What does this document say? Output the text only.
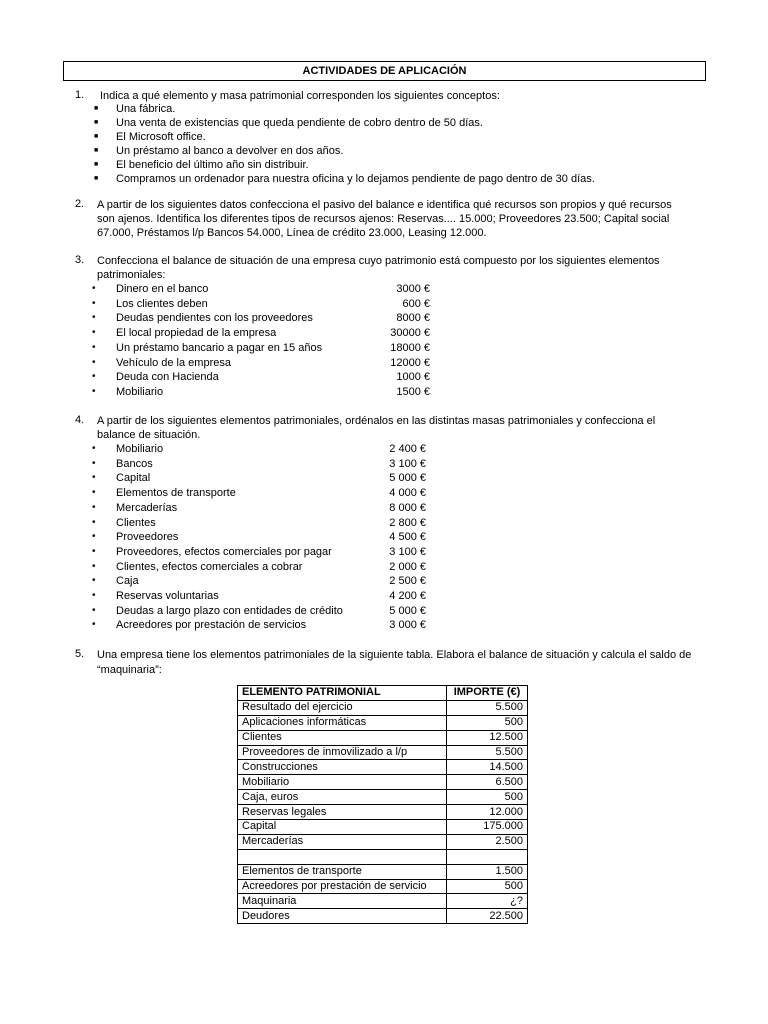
ACTIVIDADES DE APLICACIÓN
1. Indica a qué elemento y masa patrimonial corresponden los siguientes conceptos:
■ Una fábrica.
■ Una venta de existencias que queda pendiente de cobro dentro de 50 días.
■ El Microsoft office.
■ Un préstamo al banco a devolver en dos años.
■ El beneficio del último año sin distribuir.
■ Compramos un ordenador para nuestra oficina y lo dejamos pendiente de pago dentro de 30 días.
2. A partir de los siguientes datos confecciona el pasivo del balance e identifica qué recursos son propios y qué recursos
son ajenos. Identifica los diferentes tipos de recursos ajenos: Reservas.... 15.000; Proveedores 23.500; Capital social
67.000, Préstamos l/p Bancos 54.000, Línea de crédito 23.000, Leasing 12.000.
3. Confecciona el balance de situación de una empresa cuyo patrimonio está compuesto por los siguientes elementos
patrimoniales:
• Dinero en el banco	3000 €
• Los clientes deben	600 €
• Deudas pendientes con los proveedores	8000 €
• El local propiedad de la empresa	30000 €
• Un préstamo bancario a pagar en 15 años	18000 €
• Vehículo de la empresa	12000 €
• Deuda con Hacienda	1000 €
• Mobiliario	1500 €
4. A partir de los siguientes elementos patrimoniales, ordénalos en las distintas masas patrimoniales y confecciona el
balance de situación.
• Mobiliario	2 400 €
• Bancos	3 100 €
• Capital	5 000 €
• Elementos de transporte	4 000 €
• Mercaderías	8 000 €
• Clientes	2 800 €
• Proveedores	4 500 €
• Proveedores, efectos comerciales por pagar	3 100 €
• Clientes, efectos comerciales a cobrar	2 000 €
• Caja	2 500 €
• Reservas voluntarias	4 200 €
• Deudas a largo plazo con entidades de crédito	5 000 €
• Acreedores por prestación de servicios	3 000 €
5. Una empresa tiene los elementos patrimoniales de la siguiente tabla. Elabora el balance de situación y calcula el saldo de
“maquinaria”:
ELEMENTO PATRIMONIAL	IMPORTE (€)
Resultado del ejercicio	5.500
Aplicaciones informáticas	500
Clientes	12.500
Proveedores de inmovilizado a l/p	5.500
Construcciones	14.500
Mobiliario	6.500
Caja, euros	500
Reservas legales	12.000
Capital	175.000
Mercaderías	2.500

Elementos de transporte	1.500
Acreedores por prestación de servicio	500
Maquinaria	¿?
Deudores	22.500
